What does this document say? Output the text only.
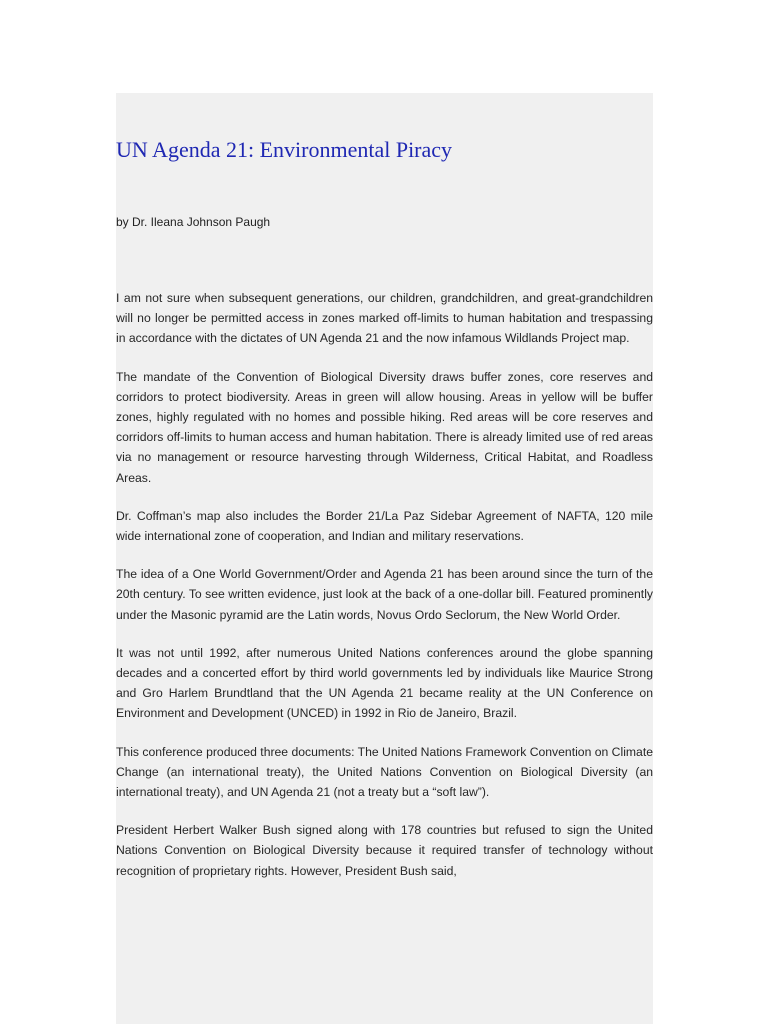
UN Agenda 21: Environmental Piracy

by Dr. Ileana Johnson Paugh

I am not sure when subsequent generations, our children, grandchildren, and great-grandchildren will no longer be permitted access in zones marked off-limits to human habitation and trespassing in accordance with the dictates of UN Agenda 21 and the now infamous Wildlands Project map.

The mandate of the Convention of Biological Diversity draws buffer zones, core reserves and corridors to protect biodiversity. Areas in green will allow housing. Areas in yellow will be buffer zones, highly regulated with no homes and possible hiking. Red areas will be core reserves and corridors off-limits to human access and human habitation. There is already limited use of red areas via no management or resource harvesting through Wilderness, Critical Habitat, and Roadless Areas.

Dr. Coffman’s map also includes the Border 21/La Paz Sidebar Agreement of NAFTA, 120 mile wide international zone of cooperation, and Indian and military reservations.

The idea of a One World Government/Order and Agenda 21 has been around since the turn of the 20th century. To see written evidence, just look at the back of a one-dollar bill. Featured prominently under the Masonic pyramid are the Latin words, Novus Ordo Seclorum, the New World Order.

It was not until 1992, after numerous United Nations conferences around the globe spanning decades and a concerted effort by third world governments led by individuals like Maurice Strong and Gro Harlem Brundtland that the UN Agenda 21 became reality at the UN Conference on Environment and Development (UNCED) in 1992 in Rio de Janeiro, Brazil.

This conference produced three documents: The United Nations Framework Convention on Climate Change (an international treaty), the United Nations Convention on Biological Diversity (an international treaty), and UN Agenda 21 (not a treaty but a “soft law”).

President Herbert Walker Bush signed along with 178 countries but refused to sign the United Nations Convention on Biological Diversity because it required transfer of technology without recognition of proprietary rights. However, President Bush said,
